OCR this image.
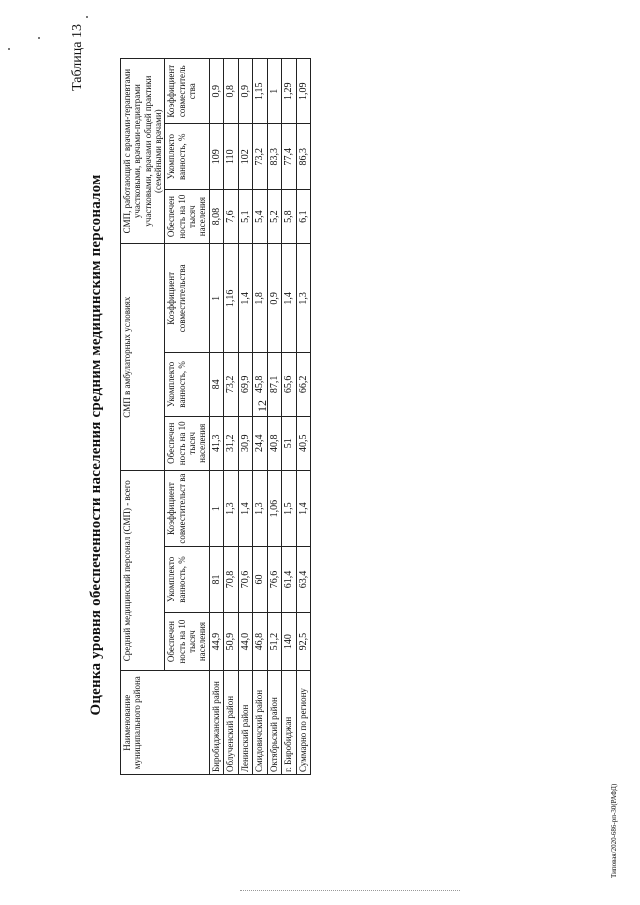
Таблица 13
Оценка уровня обеспеченности населения средним медицинским персоналом
Наименование муниципального района	Средний медицинский персонал (СМП) - всего			СМП в амбулаторных условиях			СМП, работающий с врачами-терапевтами участковыми, врачами-педиатрами участковыми, врачами общей практики (семейными врачами)		
	Обеспечен ность на 10 тысяч населения	Укомплекто ванность, %	Коэффициент совместительст ва	Обеспечен ность на 10 тысяч населения	Укомплекто ванность, %	Коэффициент совместительства	Обеспечен ность на 10 тысяч населения	Укомплекто ванность, %	Коэффициент совместитель ства
Биробиджанский район	44,9	81	1	41,3	84	1	8,08	109	0,9
Облученский район	50,9	70,8	1,3	31,2	73,2	1,16	7,6	110	0,8
Ленинский район	44,0	70,6	1,4	30,9	69,9	1,4	5,1	102	0,9
Смидовичский район	46,8	60	1,3	24,4	45,8	1,8	5,4	73,2	1,15
Октябрьский район	51,2	76,6	1,06	40,8	87,1	0,9	5,2	83,3	1
г. Биробиджан	140	61,4	1,5	51	65,6	1,4	5,8	77,4	1,29
Суммарно по региону	92,5	63,4	1,4	40,5	66,2	1,3	6,1	86,3	1,09
12
Типовая/2020-686-рп-30(РАФД)
